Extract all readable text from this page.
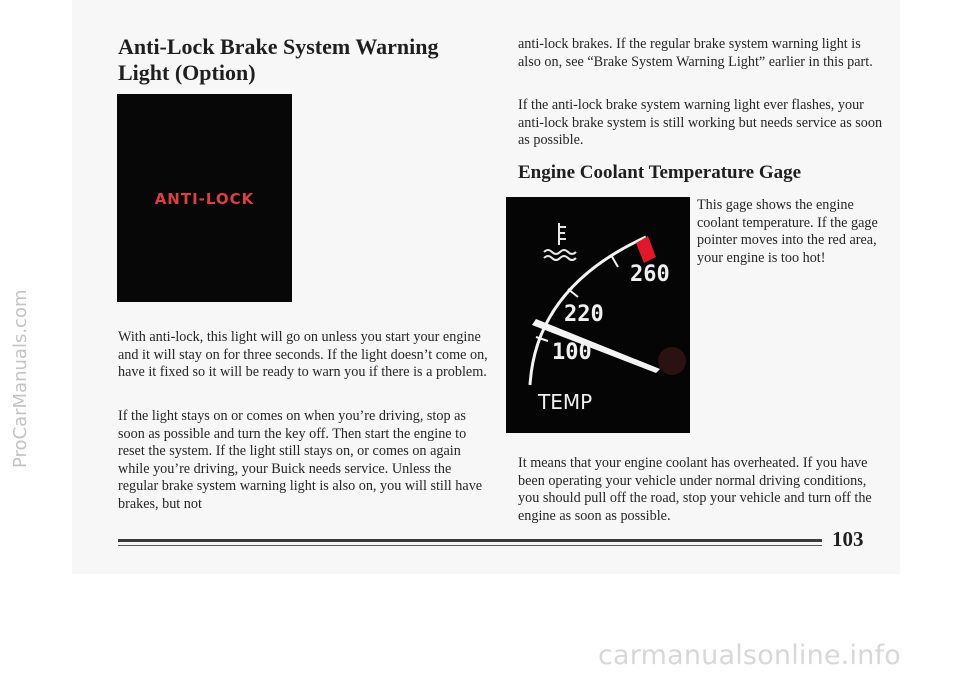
ProCarManuals.com
Anti-Lock Brake System Warning Light (Option)
ANTI-LOCK

With anti-lock, this light will go on unless you start your engine and it will stay on for three seconds. If the light doesn’t come on, have it fixed so it will be ready to warn you if there is a problem.

If the light stays on or comes on when you’re driving, stop as soon as possible and turn the key off. Then start the engine to reset the system. If the light still stays on, or comes on again while you’re driving, your Buick needs service. Unless the regular brake system warning light is also on, you will still have brakes, but not

anti-lock brakes. If the regular brake system warning light is also on, see “Brake System Warning Light” earlier in this part.

If the anti-lock brake system warning light ever flashes, your anti-lock brake system is still working but needs service as soon as possible.

Engine Coolant Temperature Gage
260
220
100
TEMP

This gage shows the engine coolant temperature. If the gage pointer moves into the red area, your engine is too hot!

It means that your engine coolant has overheated. If you have been operating your vehicle under normal driving conditions, you should pull off the road, stop your vehicle and turn off the engine as soon as possible.

103

carmanualsonline.info
